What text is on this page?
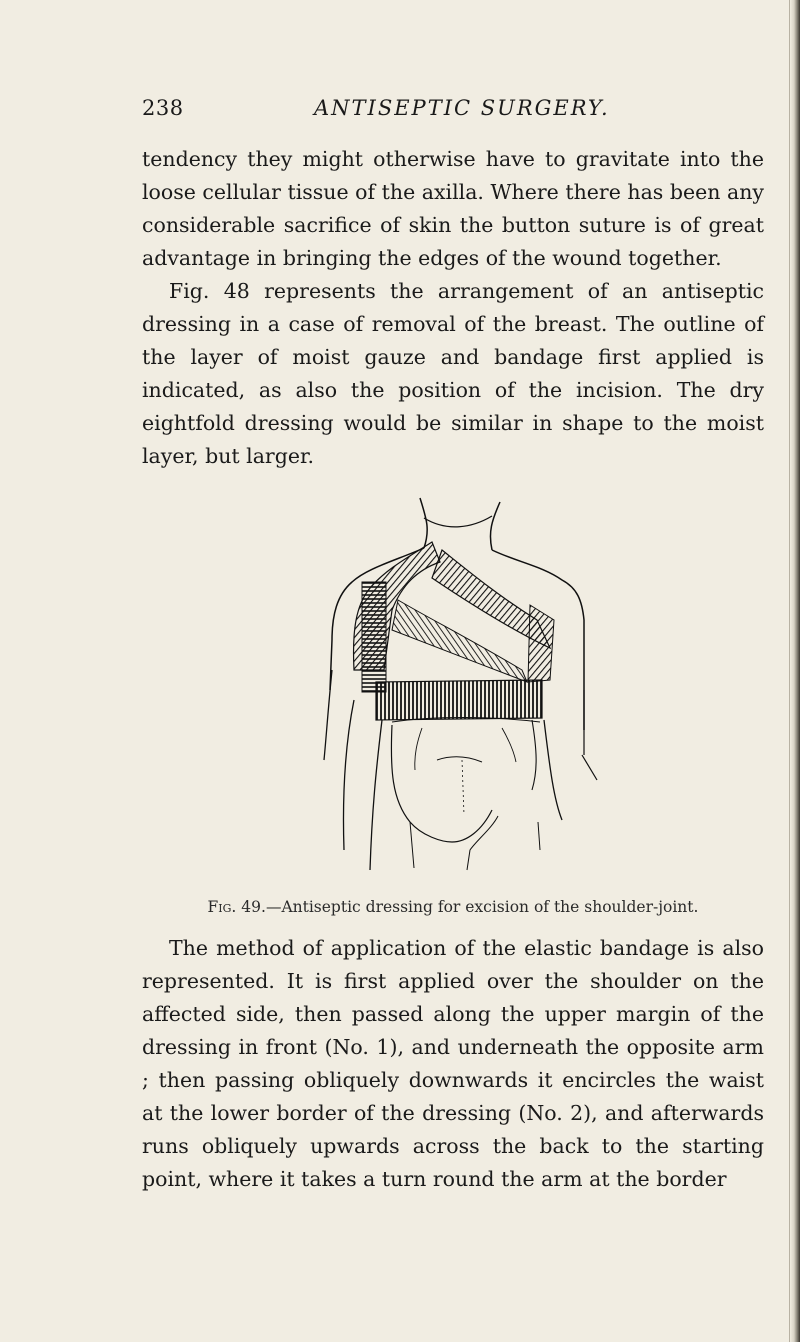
238	ANTISEPTIC SURGERY.

tendency they might otherwise have to gravitate into the loose cellular tissue of the axilla. Where there has been any considerable sacrifice of skin the button suture is of great advantage in bringing the edges of the wound together.

Fig. 48 represents the arrangement of an antiseptic dressing in a case of removal of the breast. The outline of the layer of moist gauze and bandage first applied is indicated, as also the position of the incision. The dry eightfold dressing would be similar in shape to the moist layer, but larger.

Fig. 49.—Antiseptic dressing for excision of the shoulder-joint.

The method of application of the elastic bandage is also represented. It is first applied over the shoulder on the affected side, then passed along the upper margin of the dressing in front (No. 1), and underneath the opposite arm ; then passing obliquely downwards it encircles the waist at the lower border of the dressing (No. 2), and afterwards runs obliquely upwards across the back to the starting point, where it takes a turn round the arm at the border
